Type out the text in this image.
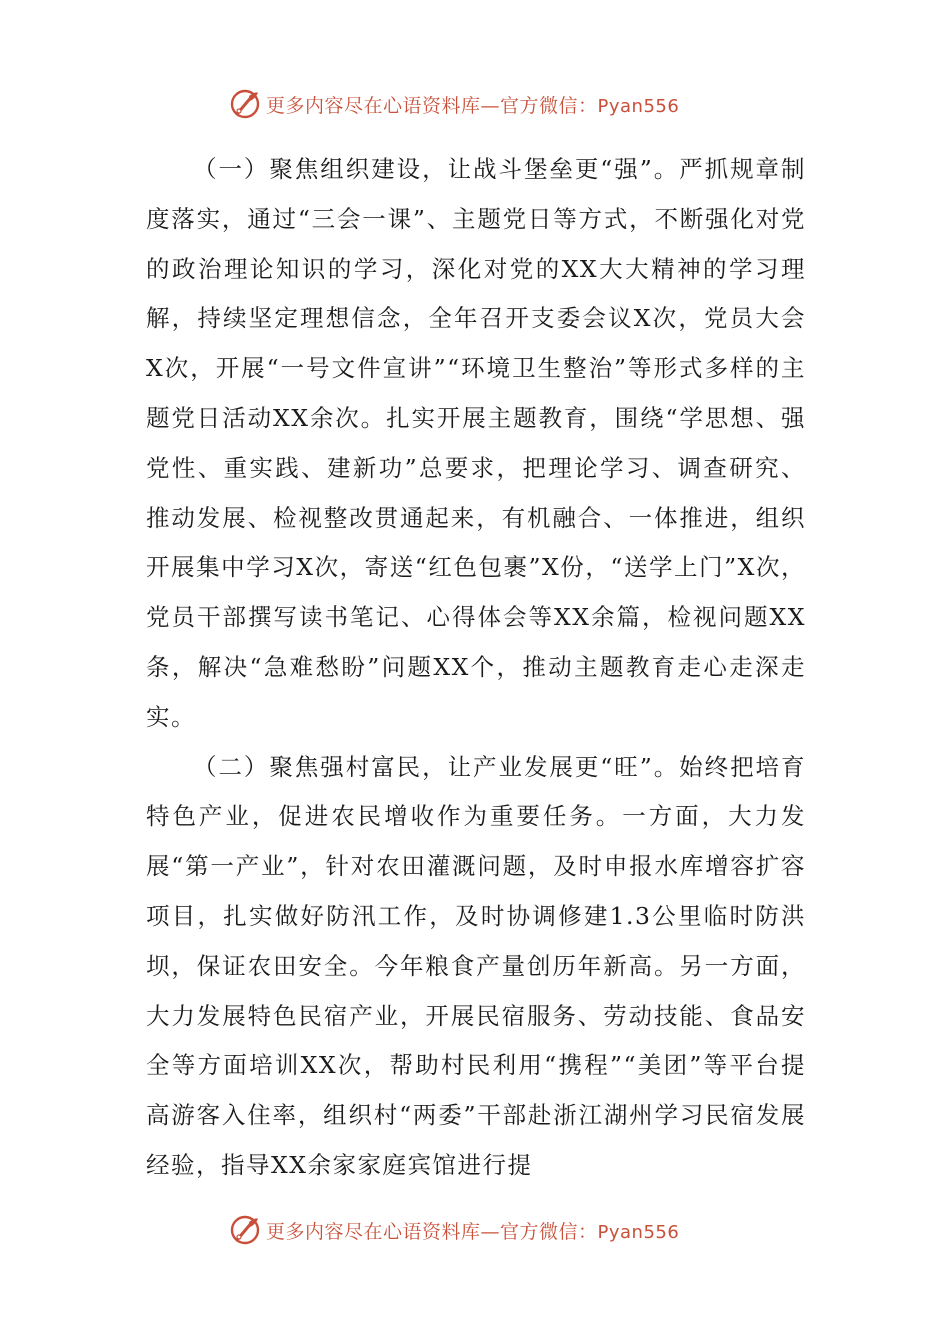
更多内容尽在心语资料库—官方微信：Pyan556

（一）聚焦组织建设，让战斗堡垒更“强”。严抓规章制度落实，通过“三会一课”、主题党日等方式，不断强化对党的政治理论知识的学习，深化对党的XX大大精神的学习理解，持续坚定理想信念，全年召开支委会议X次，党员大会X次，开展“一号文件宣讲”“环境卫生整治”等形式多样的主题党日活动XX余次。扎实开展主题教育，围绕“学思想、强党性、重实践、建新功”总要求，把理论学习、调查研究、推动发展、检视整改贯通起来，有机融合、一体推进，组织开展集中学习X次，寄送“红色包裹”X份，“送学上门”X次，党员干部撰写读书笔记、心得体会等XX余篇，检视问题XX条，解决“急难愁盼”问题XX个，推动主题教育走心走深走实。

（二）聚焦强村富民，让产业发展更“旺”。始终把培育特色产业，促进农民增收作为重要任务。一方面，大力发展“第一产业”，针对农田灌溉问题，及时申报水库增容扩容项目，扎实做好防汛工作，及时协调修建1.3公里临时防洪坝，保证农田安全。今年粮食产量创历年新高。另一方面，大力发展特色民宿产业，开展民宿服务、劳动技能、食品安全等方面培训XX次，帮助村民利用“携程”“美团”等平台提高游客入住率，组织村“两委”干部赴浙江湖州学习民宿发展经验，指导XX余家家庭宾馆进行提

更多内容尽在心语资料库—官方微信：Pyan556
